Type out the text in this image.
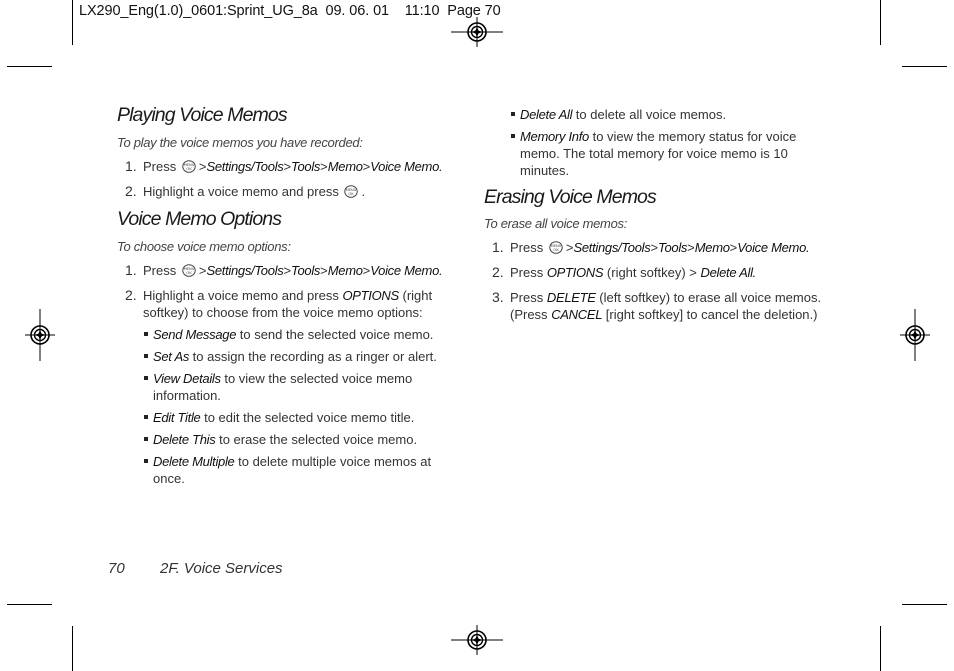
LX290_Eng(1.0)_0601:Sprint_UG_8a  09. 06. 01    11:10  Page 70
Playing Voice Memos

To play the voice memos you have recorded:

1. Press MENU
OK >Settings/Tools>Tools>Memo>Voice Memo.
2. Highlight a voice memo and press MENU
OK .
Voice Memo Options

To choose voice memo options:

1. Press MENU
OK >Settings/Tools>Tools>Memo>Voice Memo.
2. Highlight a voice memo and press OPTIONS (right softkey) to choose from the voice memo options:
Send Message to send the selected voice memo.
Set As to assign the recording as a ringer or alert.
View Details to view the selected voice memo information.
Edit Title to edit the selected voice memo title.
Delete This to erase the selected voice memo.
Delete Multiple to delete multiple voice memos at once.
Delete All to delete all voice memos.
Memory Info to view the memory status for voice memo. The total memory for voice memo is 10 minutes.
Erasing Voice Memos

To erase all voice memos:

1. Press MENU
OK >Settings/Tools>Tools>Memo>Voice Memo.
2. Press OPTIONS (right softkey) > Delete All.
3. Press DELETE (left softkey) to erase all voice memos. (Press CANCEL [right softkey] to cancel the deletion.)
70 2F. Voice Services
